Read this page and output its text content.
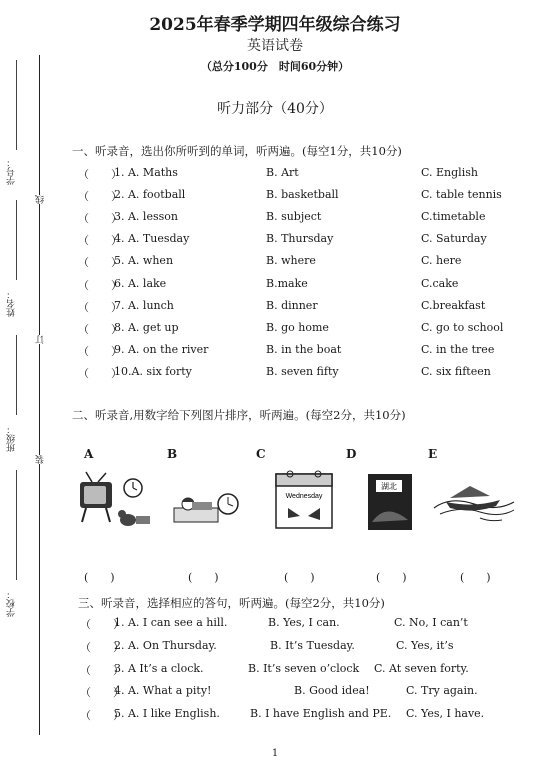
学号：
姓名：
班级：
学校：
线
订
装
2025年春季学期四年级综合练习
英语试卷
（总分100分　时间60分钟）
听力部分（40分）
一、听录音，选出你所听到的单词，听两遍。(每空1分，共10分)
（　　）
1. A. Maths	B. Art	C. English
（　　）
2. A. football	B. basketball	C. table tennis
（　　）
3. A. lesson	B. subject	C.timetable
（　　）
4. A. Tuesday	B. Thursday	C. Saturday
（　　）
5. A. when	B. where	C. here
（　　）
6. A. lake	B.make	C.cake
（　　）
7. A. lunch	B. dinner	C.breakfast
（　　）
8. A. get up	B. go home	C. go to school
（　　）
9. A. on the river	B. in the boat	C. in the tree
（　　）
10.A. six forty	B. seven fifty	C. six fifteen
二、听录音,用数字给下列图片排序，听两遍。(每空2分，共10分)
A	B	C	D	E
Wednesday
湖北
(　　)	(　　)	(　　)	(　　)	(　　)
三、听录音，选择相应的答句，听两遍。(每空2分，共10分)
（　　）
1. A. I can see a hill.	B. Yes, I can.	C. No, I can’t
（　　）
2. A. On Thursday.	B. It’s Tuesday.	C. Yes, it’s
（　　）
3. A It’s a clock.	B. It’s seven o’clock C. At seven forty.
（　　）
4. A. What a pity!	B. Good idea!	C. Try again.
（　　）
5. A. I like English.	B. I have English and PE. C. Yes, I have.
1
